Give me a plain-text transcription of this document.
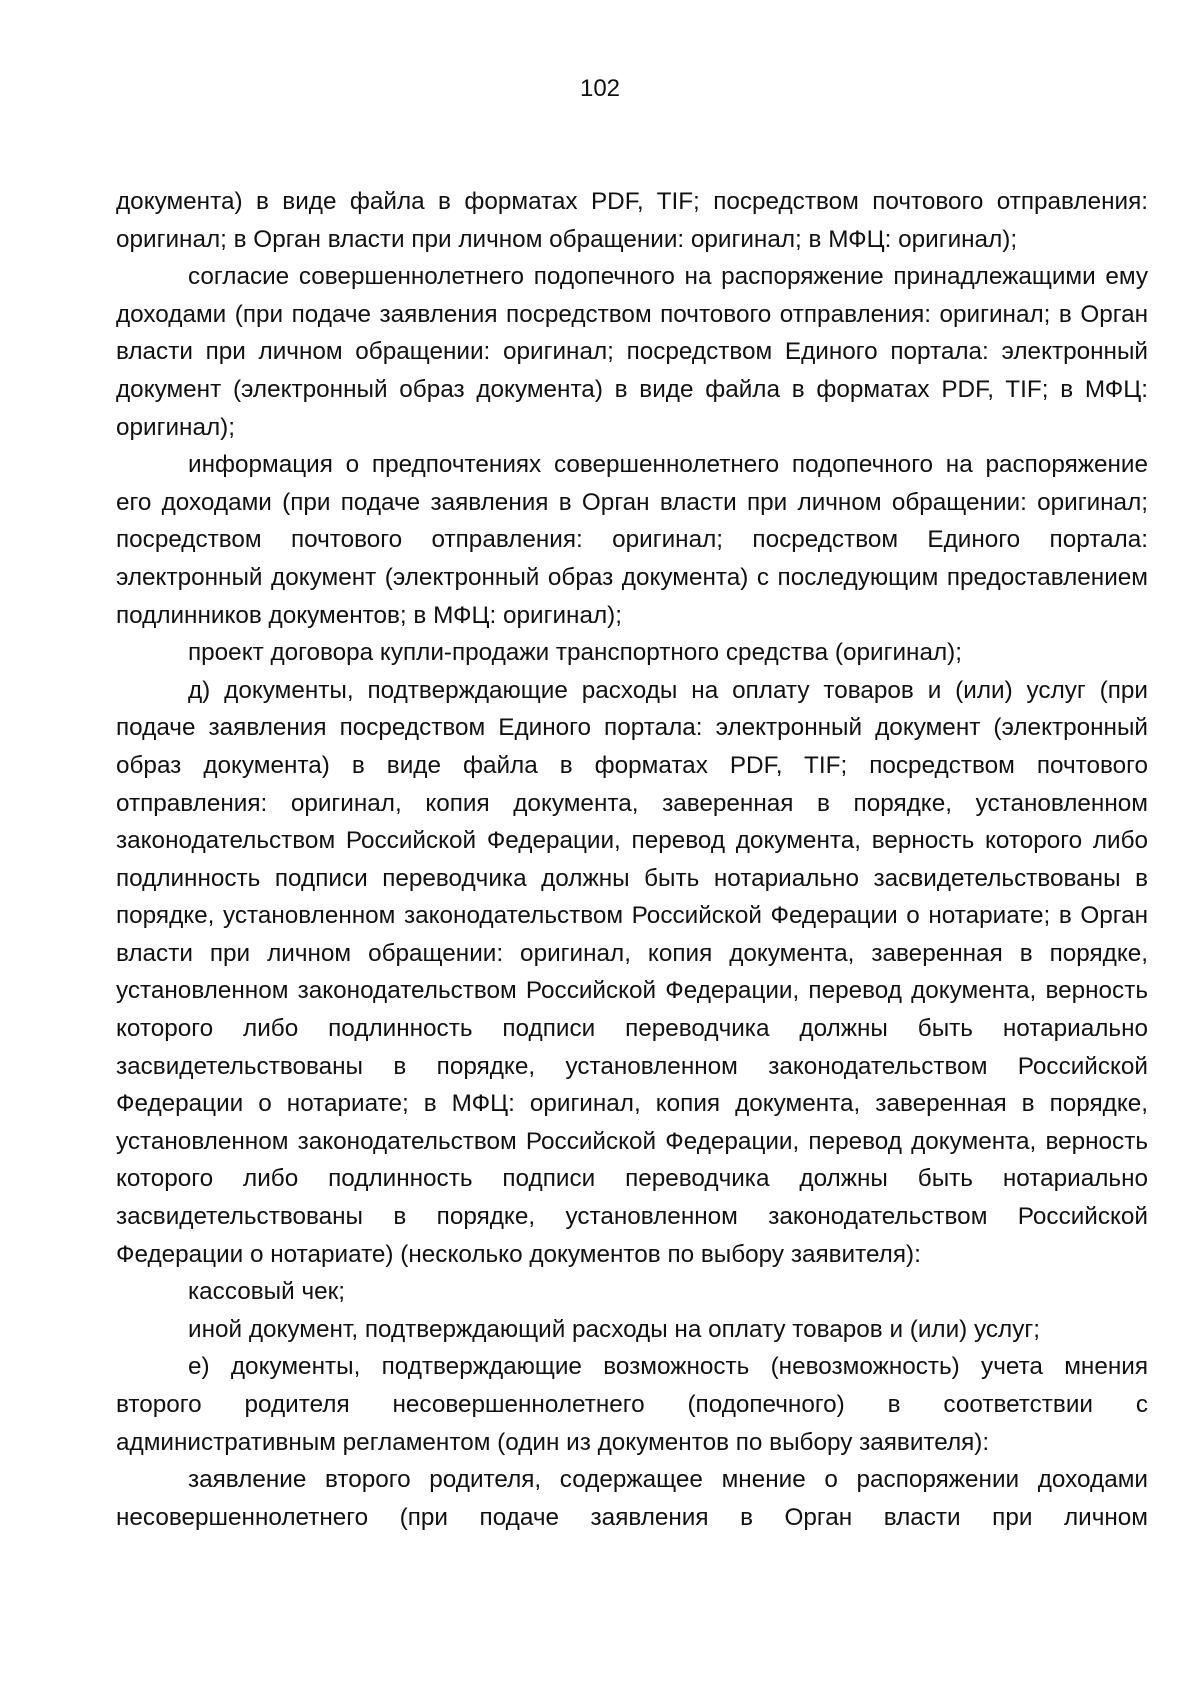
102

документа) в виде файла в форматах PDF, TIF; посредством почтового отправления: оригинал; в Орган власти при личном обращении: оригинал; в МФЦ: оригинал);

согласие совершеннолетнего подопечного на распоряжение принадлежащими ему доходами (при подаче заявления посредством почтового отправления: оригинал; в Орган власти при личном обращении: оригинал; посредством Единого портала: электронный документ (электронный образ документа) в виде файла в форматах PDF, TIF; в МФЦ: оригинал);

информация о предпочтениях совершеннолетнего подопечного на распоряжение его доходами (при подаче заявления в Орган власти при личном обращении: оригинал; посредством почтового отправления: оригинал; посредством Единого портала: электронный документ (электронный образ документа) с последующим предоставлением подлинников документов; в МФЦ: оригинал);

проект договора купли-продажи транспортного средства (оригинал);

д) документы, подтверждающие расходы на оплату товаров и (или) услуг (при подаче заявления посредством Единого портала: электронный документ (электронный образ документа) в виде файла в форматах PDF, TIF; посредством почтового отправления: оригинал, копия документа, заверенная в порядке, установленном законодательством Российской Федерации, перевод документа, верность которого либо подлинность подписи переводчика должны быть нотариально засвидетельствованы в порядке, установленном законодательством Российской Федерации о нотариате; в Орган власти при личном обращении: оригинал, копия документа, заверенная в порядке, установленном законодательством Российской Федерации, перевод документа, верность которого либо подлинность подписи переводчика должны быть нотариально засвидетельствованы в порядке, установленном законодательством Российской Федерации о нотариате; в МФЦ: оригинал, копия документа, заверенная в порядке, установленном законодательством Российской Федерации, перевод документа, верность которого либо подлинность подписи переводчика должны быть нотариально засвидетельствованы в порядке, установленном законодательством Российской Федерации о нотариате) (несколько документов по выбору заявителя):

кассовый чек;

иной документ, подтверждающий расходы на оплату товаров и (или) услуг;

е) документы, подтверждающие возможность (невозможность) учета мнения второго родителя несовершеннолетнего (подопечного) в соответствии с административным регламентом (один из документов по выбору заявителя):

заявление второго родителя, содержащее мнение о распоряжении доходами несовершеннолетнего (при подаче заявления в Орган власти при личном
